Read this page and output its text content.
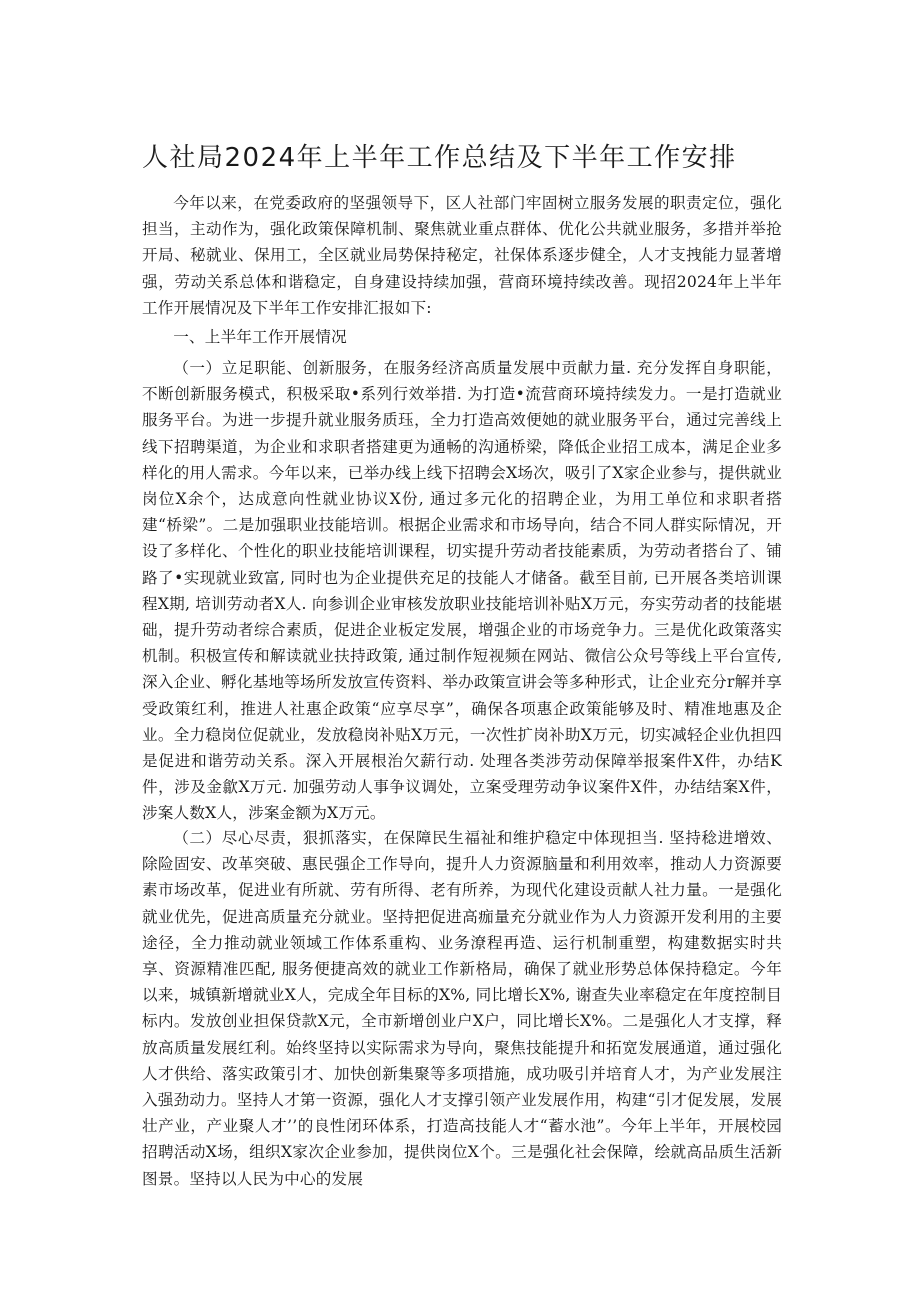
人社局2024年上半年工作总结及下半年工作安排

今年以来，在党委政府的坚强领导下，区人社部门牢固树立服务发展的职责定位，强化担当，主动作为，强化政策保障机制、聚焦就业重点群体、优化公共就业服务，多措并举抢开局、秘就业、保用工，全区就业局势保持秘定，社保体系逐步健全，人才支拽能力显著增强，劳动关系总体和谐稳定，自身建设持续加强，营商环境持续改善。现招2024年上半年工作开展情况及下半年工作安排汇报如下:

一、上半年工作开展情况

（一）立足职能、创新服务，在服务经济高质量发展中贡献力量. 充分发挥自身职能，不断创新服务模式，积极采取•系列行效举措. 为打造•流营商环境持续发力。一是打造就业服务平台。为进一步提升就业服务质珏，全力打造高效便她的就业服务平台，通过完善线上线下招聘渠道，为企业和求职者搭建更为通畅的沟通桥梁，降低企业招工成本，满足企业多样化的用人需求。今年以来，已举办线上线下招聘会X场次，吸引了X家企业参与，提供就业岗位X余个，达成意向性就业协议X份, 通过多元化的招聘企业，为用工单位和求职者搭建“桥梁”。二是加强职业技能培训。根据企业需求和市场导向，结合不同人群实际情况，开设了多样化、个性化的职业技能培训课程，切实提升劳动者技能素质，为劳动者搭台了、铺路了•实现就业致富, 同时也为企业提供充足的技能人才储备。截至目前, 已开展各类培训课程X期, 培训劳动者X人. 向参训企业审核发放职业技能培训补贴X万元，夯实劳动者的技能堪础，提升劳动者综合素质，促进企业板定发展，增强企业的市场竞争力。三是优化政策落实机制。积极宣传和解读就业扶持政策, 通过制作短视频在网站、微信公众号等线上平台宣传, 深入企业、孵化基地等场所发放宣传资料、举办政策宣讲会等多种形式，让企业充分r解并享受政策红利，推进人社惠企政策“应享尽享”，确保各项惠企政策能够及时、精准地惠及企业。全力稳岗位促就业，发放稳岗补贴X万元，一次性扩岗补助X万元，切实减轻企业仇担四是促进和谐劳动关系。深入开展根治欠薪行动. 处理各类涉劳动保障举报案件X件，办结K件，涉及金歙X万元. 加强劳动人事争议调处，立案受理劳动争议案件X件，办结结案X件，涉案人数X人，涉案金额为X万元。

（二）尽心尽责，狠抓落实，在保障民生福祉和维护稳定中体现担当. 坚持稔进增效、除险固安、改革突破、惠民强企工作导向，提升人力资源脑量和利用效率，推动人力资源要素市场改革，促进业有所就、劳有所得、老有所养，为现代化建设贡献人社力量。一是强化就业优先，促进高质量充分就业。坚持把促进高痂量充分就业作为人力资源开发利用的主要途径，全力推动就业领域工作体系重构、业务潦程再造、运行机制重塑，构建数据实时共享、资源精准匹配, 服务便捷高效的就业工作新格局，确保了就业形势总体保持稳定。今年以来，城镇新增就业X人，完成全年目标的X%, 同比增长X%, 谢查失业率稳定在年度控制目标内。发放创业担保贷款X元，全市新增创业户X户，同比增长X%。二是强化人才支撑，释放高质量发展红利。始终坚持以实际需求为导向，聚焦技能提升和拓宽发展通道，通过强化人才供给、落实政策引才、加快创新集聚等多项措施，成功吸引并培育人才，为产业发展注入强劲动力。坚持人才第一资源，强化人才支撑引领产业发展作用，构建“引才促发展，发展壮产业，产业聚人才’’的良性闭环体系，打造高技能人才“蓄水池”。今年上半年，开展校园招聘活动X场，组织X家次企业参加，提供岗位X个。三是强化社会保障，绘就高品质生活新图景。坚持以人民为中心的发展
